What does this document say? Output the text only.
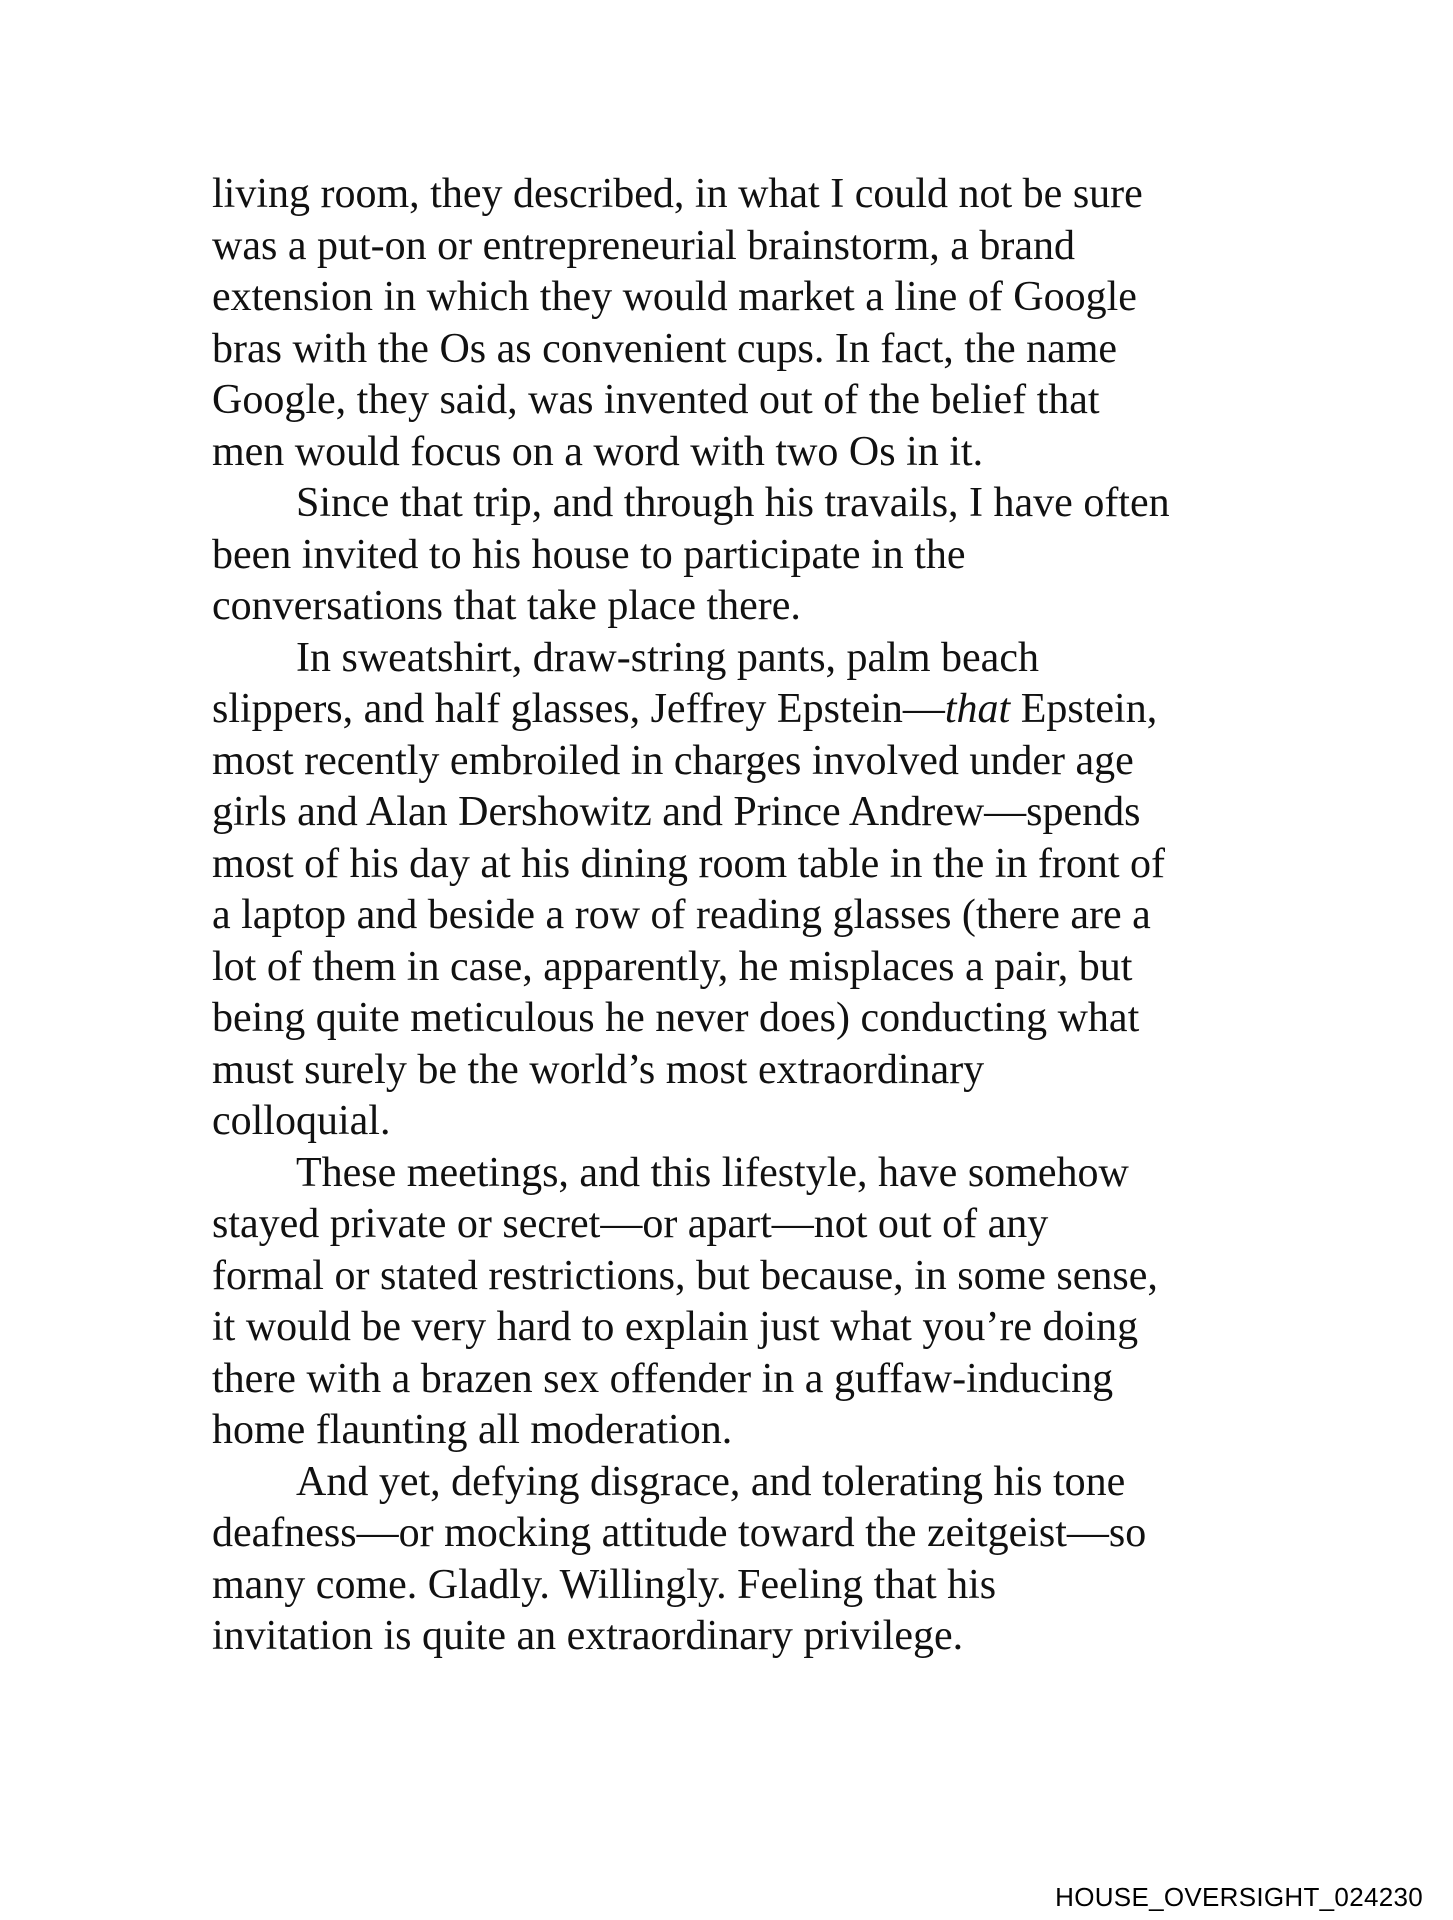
living room, they described, in what I could not be sure
was a put-on or entrepreneurial brainstorm, a brand
extension in which they would market a line of Google
bras with the Os as convenient cups. In fact, the name
Google, they said, was invented out of the belief that
men would focus on a word with two Os in it.
Since that trip, and through his travails, I have often
been invited to his house to participate in the
conversations that take place there.
In sweatshirt, draw-string pants, palm beach
slippers, and half glasses, Jeffrey Epstein—that Epstein,
most recently embroiled in charges involved under age
girls and Alan Dershowitz and Prince Andrew—spends
most of his day at his dining room table in the in front of
a laptop and beside a row of reading glasses (there are a
lot of them in case, apparently, he misplaces a pair, but
being quite meticulous he never does) conducting what
must surely be the world’s most extraordinary
colloquial.
These meetings, and this lifestyle, have somehow
stayed private or secret—or apart—not out of any
formal or stated restrictions, but because, in some sense,
it would be very hard to explain just what you’re doing
there with a brazen sex offender in a guffaw-inducing
home flaunting all moderation.
And yet, defying disgrace, and tolerating his tone
deafness—or mocking attitude toward the zeitgeist—so
many come. Gladly. Willingly. Feeling that his
invitation is quite an extraordinary privilege.
HOUSE_OVERSIGHT_024230
